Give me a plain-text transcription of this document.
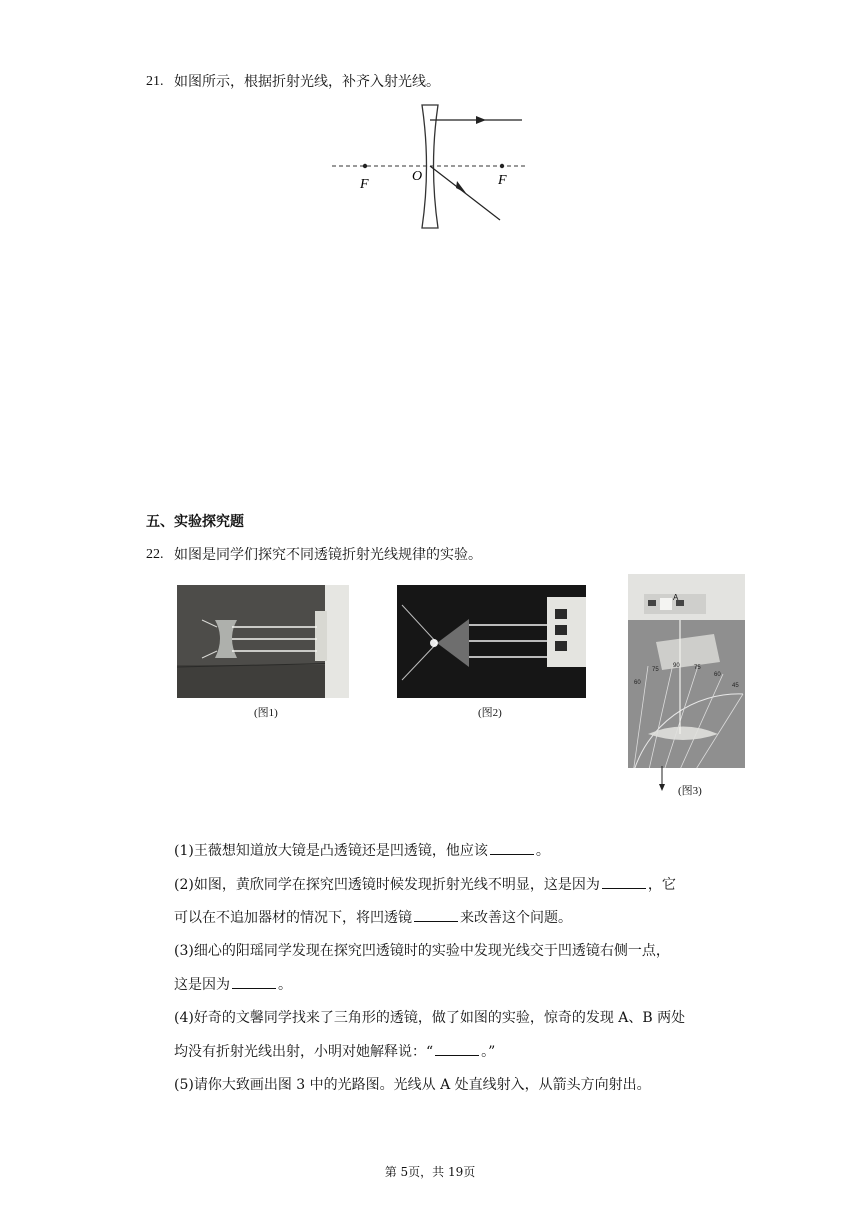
21. 如图所示，根据折射光线，补齐入射光线。
F
O	F
五、实验探究题
22. 如图是同学们探究不同透镜折射光线规律的实验。
(图1)	(图2)
60
75
90 75
60
45
A
(图3)
(1)王薇想知道放大镜是凸透镜还是凹透镜，他应该	。
(2)如图，黄欣同学在探究凹透镜时候发现折射光线不明显，这是因为	，它
可以在不追加器材的情况下，将凹透镜	来改善这个问题。
(3)细心的阳瑶同学发现在探究凹透镜时的实验中发现光线交于凹透镜右侧一点，
这是因为	。
(4)好奇的文馨同学找来了三角形的透镜，做了如图的实验，惊奇的发现 A、B 两处
均没有折射光线出射，小明对她解释说：“	。”
(5)请你大致画出图 3 中的光路图。光线从 A 处直线射入，从箭头方向射出。
第 5页，共 19页
